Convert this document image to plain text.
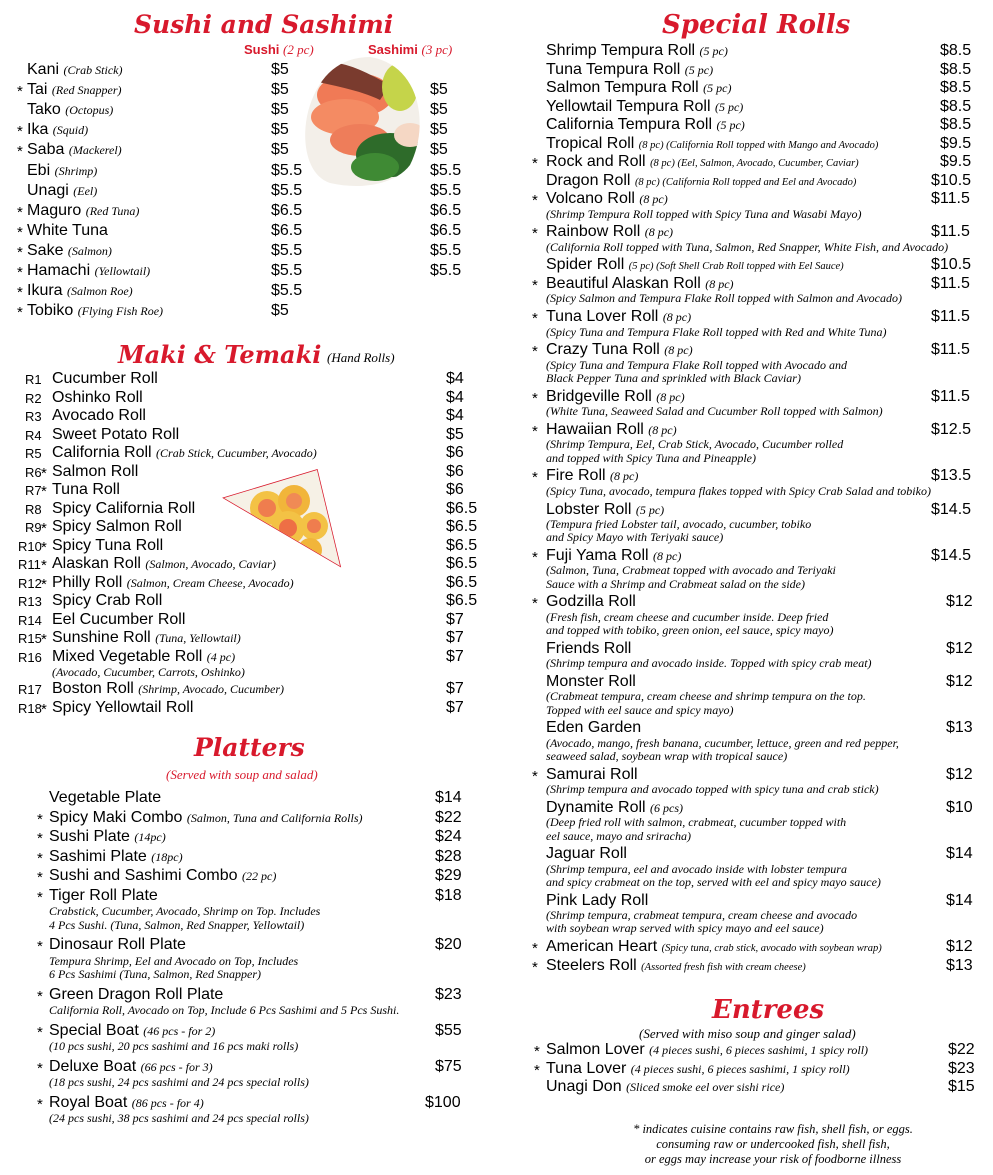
Sushi and Sashimi
Sushi (2 pc)	Sashimi (3 pc)
Kani (Crab Stick)	$5
* Tai (Red Snapper)	$5	$5
Tako (Octopus)	$5	$5
* Ika (Squid)	$5	$5
* Saba (Mackerel)	$5	$5
Ebi (Shrimp)	$5.5	$5.5
Unagi (Eel)	$5.5	$5.5
* Maguro (Red Tuna)	$6.5	$6.5
* White Tuna	$6.5	$6.5
* Sake (Salmon)	$5.5	$5.5
* Hamachi (Yellowtail)	$5.5	$5.5
* Ikura (Salmon Roe)	$5.5
* Tobiko (Flying Fish Roe)	$5
Maki & Temaki (Hand Rolls)
R1 Cucumber Roll	$4
R2 Oshinko Roll	$4
R3 Avocado Roll	$4
R4 Sweet Potato Roll	$5
R5 California Roll (Crab Stick, Cucumber, Avocado)	$6
R6 * Salmon Roll	$6
R7 * Tuna Roll	$6
R8 Spicy California Roll	$6.5
R9 * Spicy Salmon Roll	$6.5
R10 * Spicy Tuna Roll	$6.5
R11 * Alaskan Roll (Salmon, Avocado, Caviar)	$6.5
R12 * Philly Roll (Salmon, Cream Cheese, Avocado)	$6.5
R13 Spicy Crab Roll	$6.5
R14 Eel Cucumber Roll	$7
R15 * Sunshine Roll (Tuna, Yellowtail)	$7
R16 Mixed Vegetable Roll (4 pc)	$7
(Avocado, Cucumber, Carrots, Oshinko)
R17 Boston Roll (Shrimp, Avocado, Cucumber)	$7
R18 * Spicy Yellowtail Roll	$7
Platters
(Served with soup and salad)
Vegetable Plate	$14
* Spicy Maki Combo (Salmon, Tuna and California Rolls)	$22
* Sushi Plate (14pc)	$24
* Sashimi Plate (18pc)	$28
* Sushi and Sashimi Combo (22 pc)	$29
* Tiger Roll Plate	$18
Crabstick, Cucumber, Avocado, Shrimp on Top. Includes
4 Pcs Sushi. (Tuna, Salmon, Red Snapper, Yellowtail)
* Dinosaur Roll Plate	$20
Tempura Shrimp, Eel and Avocado on Top, Includes
6 Pcs Sashimi (Tuna, Salmon, Red Snapper)
* Green Dragon Roll Plate	$23
California Roll, Avocado on Top, Include 6 Pcs Sashimi and 5 Pcs Sushi.
* Special Boat (46 pcs - for 2)	$55
(10 pcs sushi, 20 pcs sashimi and 16 pcs maki rolls)
* Deluxe Boat (66 pcs - for 3)	$75
(18 pcs sushi, 24 pcs sashimi and 24 pcs special rolls)
* Royal Boat (86 pcs - for 4)	$100
(24 pcs sushi, 38 pcs sashimi and 24 pcs special rolls)
Special Rolls
Shrimp Tempura Roll (5 pc)	$8.5
Tuna Tempura Roll (5 pc)	$8.5
Salmon Tempura Roll (5 pc)	$8.5
Yellowtail Tempura Roll (5 pc)	$8.5
California Tempura Roll (5 pc)	$8.5
Tropical Roll (8 pc) (California Roll topped with Mango and Avocado)	$9.5
* Rock and Roll (8 pc) (Eel, Salmon, Avocado, Cucumber, Caviar)	$9.5
Dragon Roll (8 pc) (California Roll topped and Eel and Avocado)	$10.5
* Volcano Roll (8 pc)	$11.5
(Shrimp Tempura Roll topped with Spicy Tuna and Wasabi Mayo)
* Rainbow Roll (8 pc)	$11.5
(California Roll topped with Tuna, Salmon, Red Snapper, White Fish, and Avocado)
Spider Roll (5 pc) (Soft Shell Crab Roll topped with Eel Sauce)	$10.5
* Beautiful Alaskan Roll (8 pc)	$11.5
(Spicy Salmon and Tempura Flake Roll topped with Salmon and Avocado)
* Tuna Lover Roll (8 pc)	$11.5
(Spicy Tuna and Tempura Flake Roll topped with Red and White Tuna)
* Crazy Tuna Roll (8 pc)	$11.5
(Spicy Tuna and Tempura Flake Roll topped with Avocado and
Black Pepper Tuna and sprinkled with Black Caviar)
* Bridgeville Roll (8 pc)	$11.5
(White Tuna, Seaweed Salad and Cucumber Roll topped with Salmon)
* Hawaiian Roll (8 pc)	$12.5
(Shrimp Tempura, Eel, Crab Stick, Avocado, Cucumber rolled
and topped with Spicy Tuna and Pineapple)
* Fire Roll (8 pc)	$13.5
(Spicy Tuna, avocado, tempura flakes topped with Spicy Crab Salad and tobiko)
Lobster Roll (5 pc)	$14.5
(Tempura fried Lobster tail, avocado, cucumber, tobiko
and Spicy Mayo with Teriyaki sauce)
* Fuji Yama Roll (8 pc)	$14.5
(Salmon, Tuna, Crabmeat topped with avocado and Teriyaki
Sauce with a Shrimp and Crabmeat salad on the side)
* Godzilla Roll	$12
(Fresh fish, cream cheese and cucumber inside. Deep fried
and topped with tobiko, green onion, eel sauce, spicy mayo)
Friends Roll	$12
(Shrimp tempura and avocado inside. Topped with spicy crab meat)
Monster Roll	$12
(Crabmeat tempura, cream cheese and shrimp tempura on the top.
Topped with eel sauce and spicy mayo)
Eden Garden	$13
(Avocado, mango, fresh banana, cucumber, lettuce, green and red pepper,
seaweed salad, soybean wrap with tropical sauce)
* Samurai Roll	$12
(Shrimp tempura and avocado topped with spicy tuna and crab stick)
Dynamite Roll (6 pcs)	$10
(Deep fried roll with salmon, crabmeat, cucumber topped with
eel sauce, mayo and sriracha)
Jaguar Roll	$14
(Shrimp tempura, eel and avocado inside with lobster tempura
and spicy crabmeat on the top, served with eel and spicy mayo sauce)
Pink Lady Roll	$14
(Shrimp tempura, crabmeat tempura, cream cheese and avocado
with soybean wrap served with spicy mayo and eel sauce)
* American Heart (Spicy tuna, crab stick, avocado with soybean wrap)	$12
* Steelers Roll (Assorted fresh fish with cream cheese)	$13
Entrees
(Served with miso soup and ginger salad)
* Salmon Lover (4 pieces sushi, 6 pieces sashimi, 1 spicy roll)	$22
* Tuna Lover (4 pieces sushi, 6 pieces sashimi, 1 spicy roll)	$23
Unagi Don (Sliced smoke eel over sishi rice)	$15
* indicates cuisine contains raw fish, shell fish, or eggs.
consuming raw or undercooked fish, shell fish,
or eggs may increase your risk of foodborne illness
